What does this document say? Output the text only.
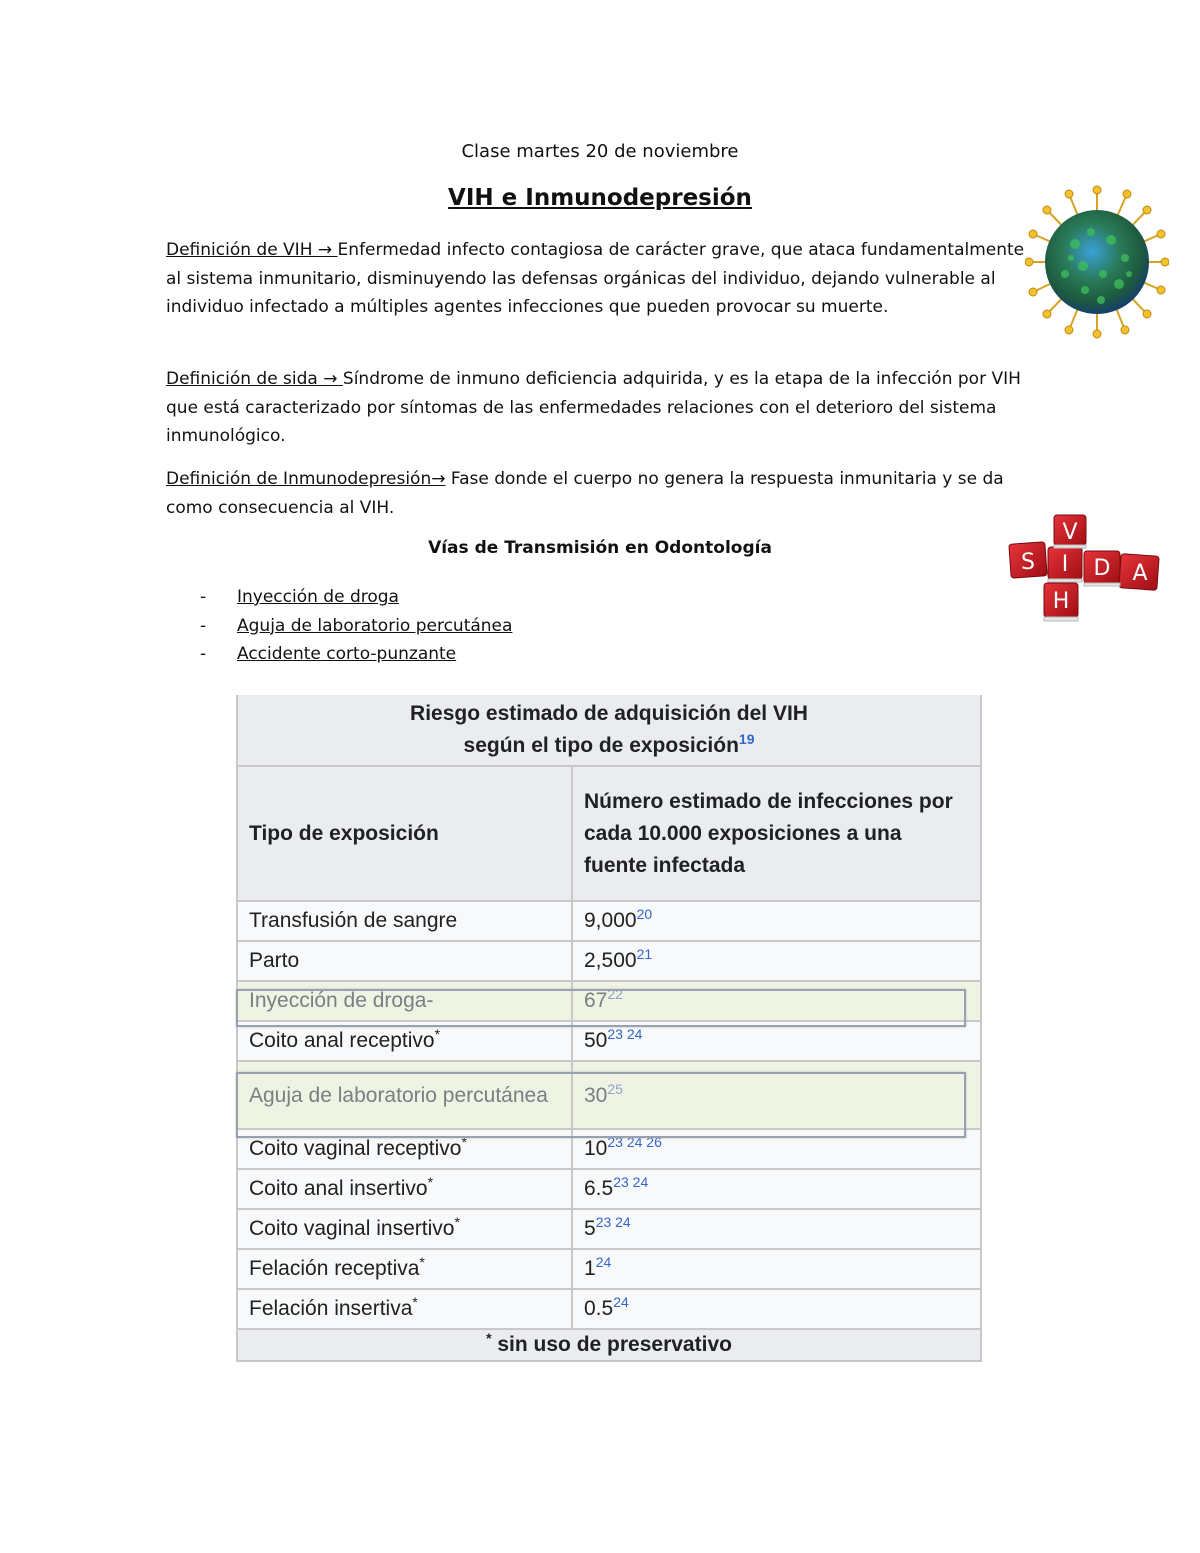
Clase martes 20 de noviembre
VIH e Inmunodepresión
Definición de VIH → Enfermedad infecto contagiosa de carácter grave, que ataca fundamentalmente al sistema inmunitario, disminuyendo las defensas orgánicas del individuo, dejando vulnerable al individuo infectado a múltiples agentes infecciones que pueden provocar su muerte.
Definición de sida → Síndrome de inmuno deficiencia adquirida, y es la etapa de la infección por VIH que está caracterizado por síntomas de las enfermedades relaciones con el deterioro del sistema inmunológico.
Definición de Inmunodepresión→ Fase donde el cuerpo no genera la respuesta inmunitaria y se da como consecuencia al VIH.
Vías de Transmisión en Odontología
-	Inyección de droga
-	Aguja de laboratorio percutánea
-	Accidente corto-punzante
V
S I D A
H
Riesgo estimado de adquisición del VIH
según el tipo de exposición$^{19}$
Tipo de exposición	Número estimado de infecciones por cada 10.000 exposiciones a una fuente infectada
Transfusión de sangre	9,000$^{20}$
Parto	2,500$^{21}$
Inyección de droga-	$67^{22}$
Coito anal receptivo*	$50^{23 24}$
Aguja de laboratorio percutánea	$30^{25}$
Coito vaginal receptivo*	$10^{23 24 26}$
Coito anal insertivo*	$6.5^{23 24}$
Coito vaginal insertivo*	$5^{23 24}$
Felación receptiva*	$1^{24}$
Felación insertiva*	$0.5^{24}$
* sin uso de preservativo	
